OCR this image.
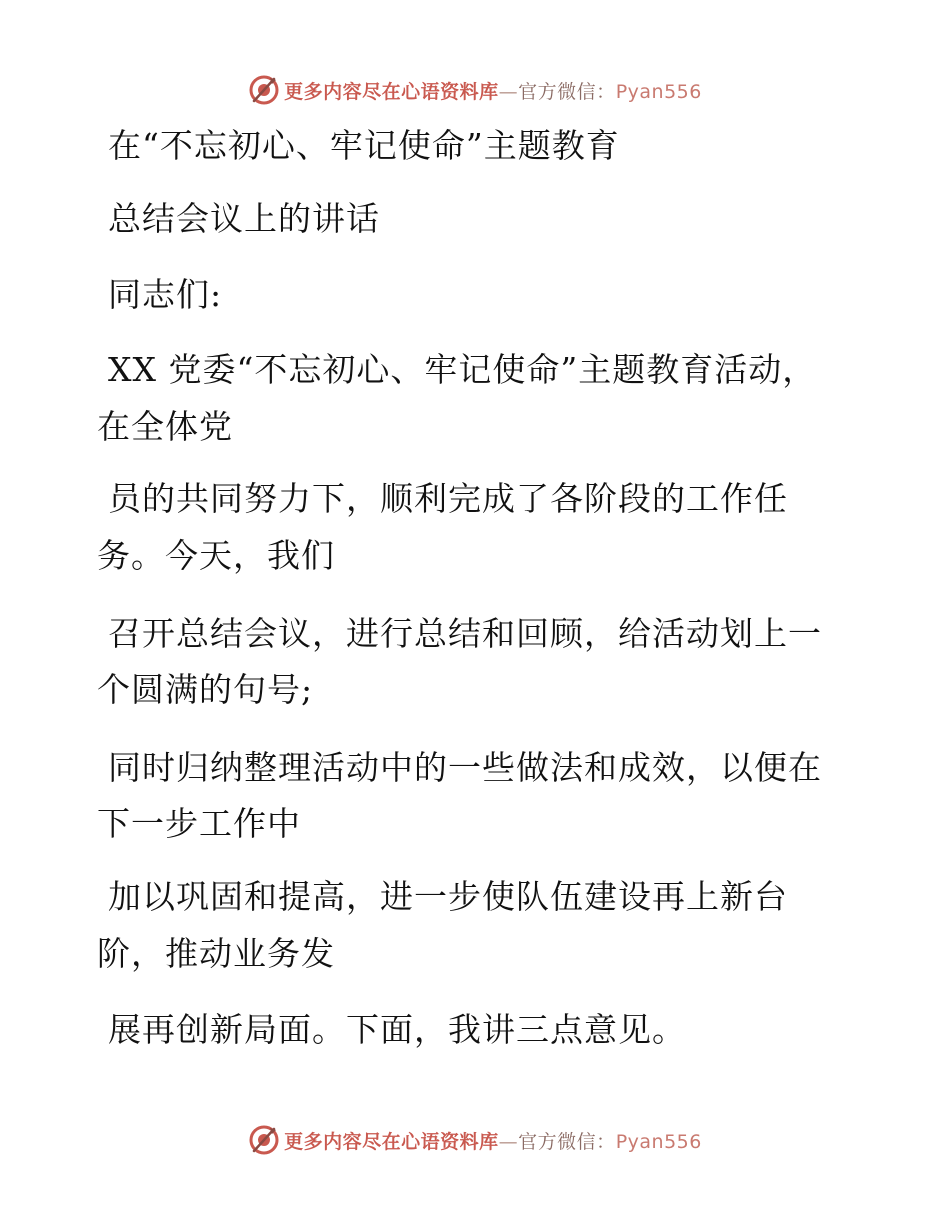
更多内容尽在心语资料库—官方微信：Pyan556
在“不忘初心、牢记使命”主题教育
总结会议上的讲话
同志们:
XX 党委“不忘初心、牢记使命”主题教育活动，
在全体党
员的共同努力下，顺利完成了各阶段的工作任
务。今天，我们
召开总结会议，进行总结和回顾，给活动划上一
个圆满的句号;
同时归纳整理活动中的一些做法和成效，以便在
下一步工作中
加以巩固和提高，进一步使队伍建设再上新台
阶，推动业务发
展再创新局面。下面，我讲三点意见。
更多内容尽在心语资料库—官方微信：Pyan556
